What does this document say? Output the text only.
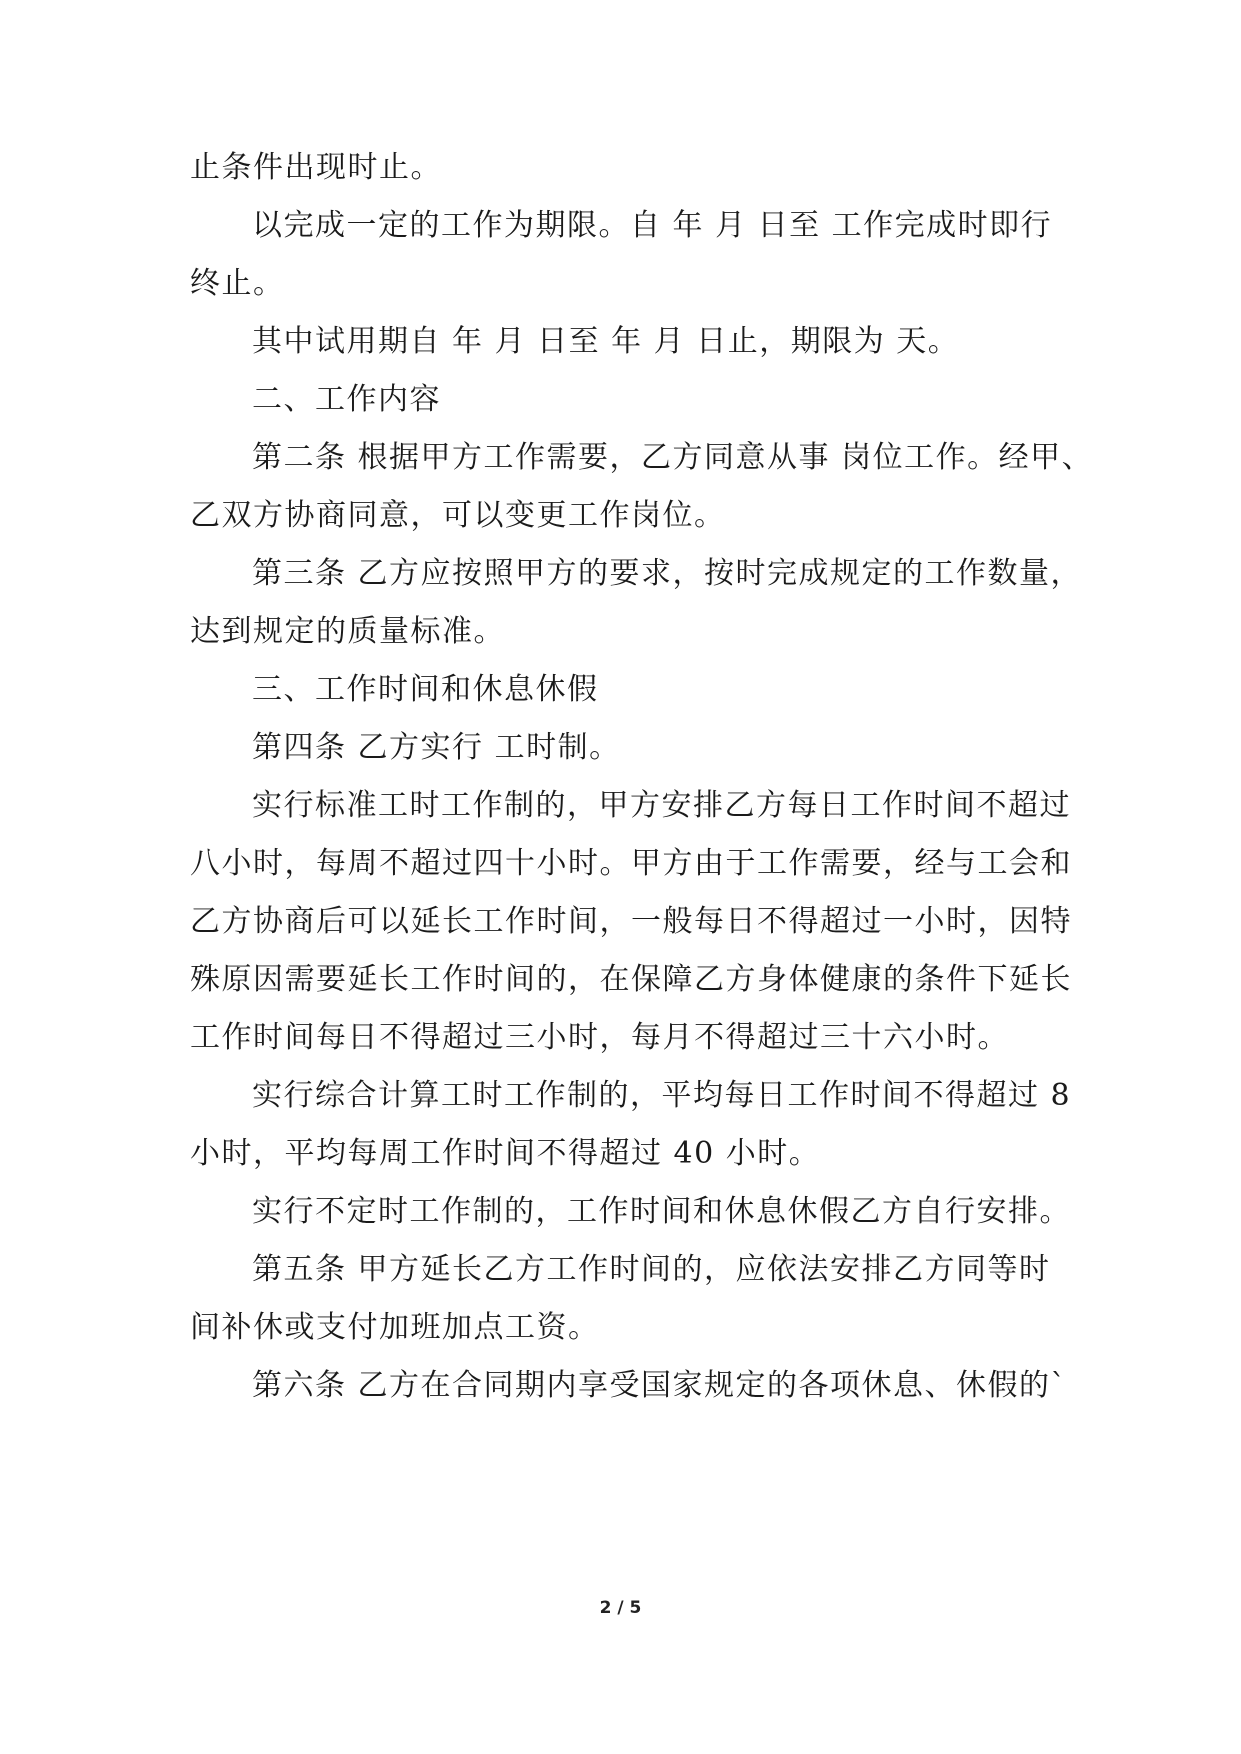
止条件出现时止。
以完成一定的工作为期限。自 年 月 日至 工作完成时即行
终止。
其中试用期自 年 月 日至 年 月 日止，期限为 天。
二、工作内容
第二条 根据甲方工作需要，乙方同意从事 岗位工作。经甲、
乙双方协商同意，可以变更工作岗位。
第三条 乙方应按照甲方的要求，按时完成规定的工作数量，
达到规定的质量标准。
三、工作时间和休息休假
第四条 乙方实行 工时制。
实行标准工时工作制的，甲方安排乙方每日工作时间不超过
八小时，每周不超过四十小时。甲方由于工作需要，经与工会和
乙方协商后可以延长工作时间，一般每日不得超过一小时，因特
殊原因需要延长工作时间的，在保障乙方身体健康的条件下延长
工作时间每日不得超过三小时，每月不得超过三十六小时。
实行综合计算工时工作制的，平均每日工作时间不得超过 8
小时，平均每周工作时间不得超过 40 小时。
实行不定时工作制的，工作时间和休息休假乙方自行安排。
第五条 甲方延长乙方工作时间的，应依法安排乙方同等时
间补休或支付加班加点工资。
第六条 乙方在合同期内享受国家规定的各项休息、休假的`
2 / 5
